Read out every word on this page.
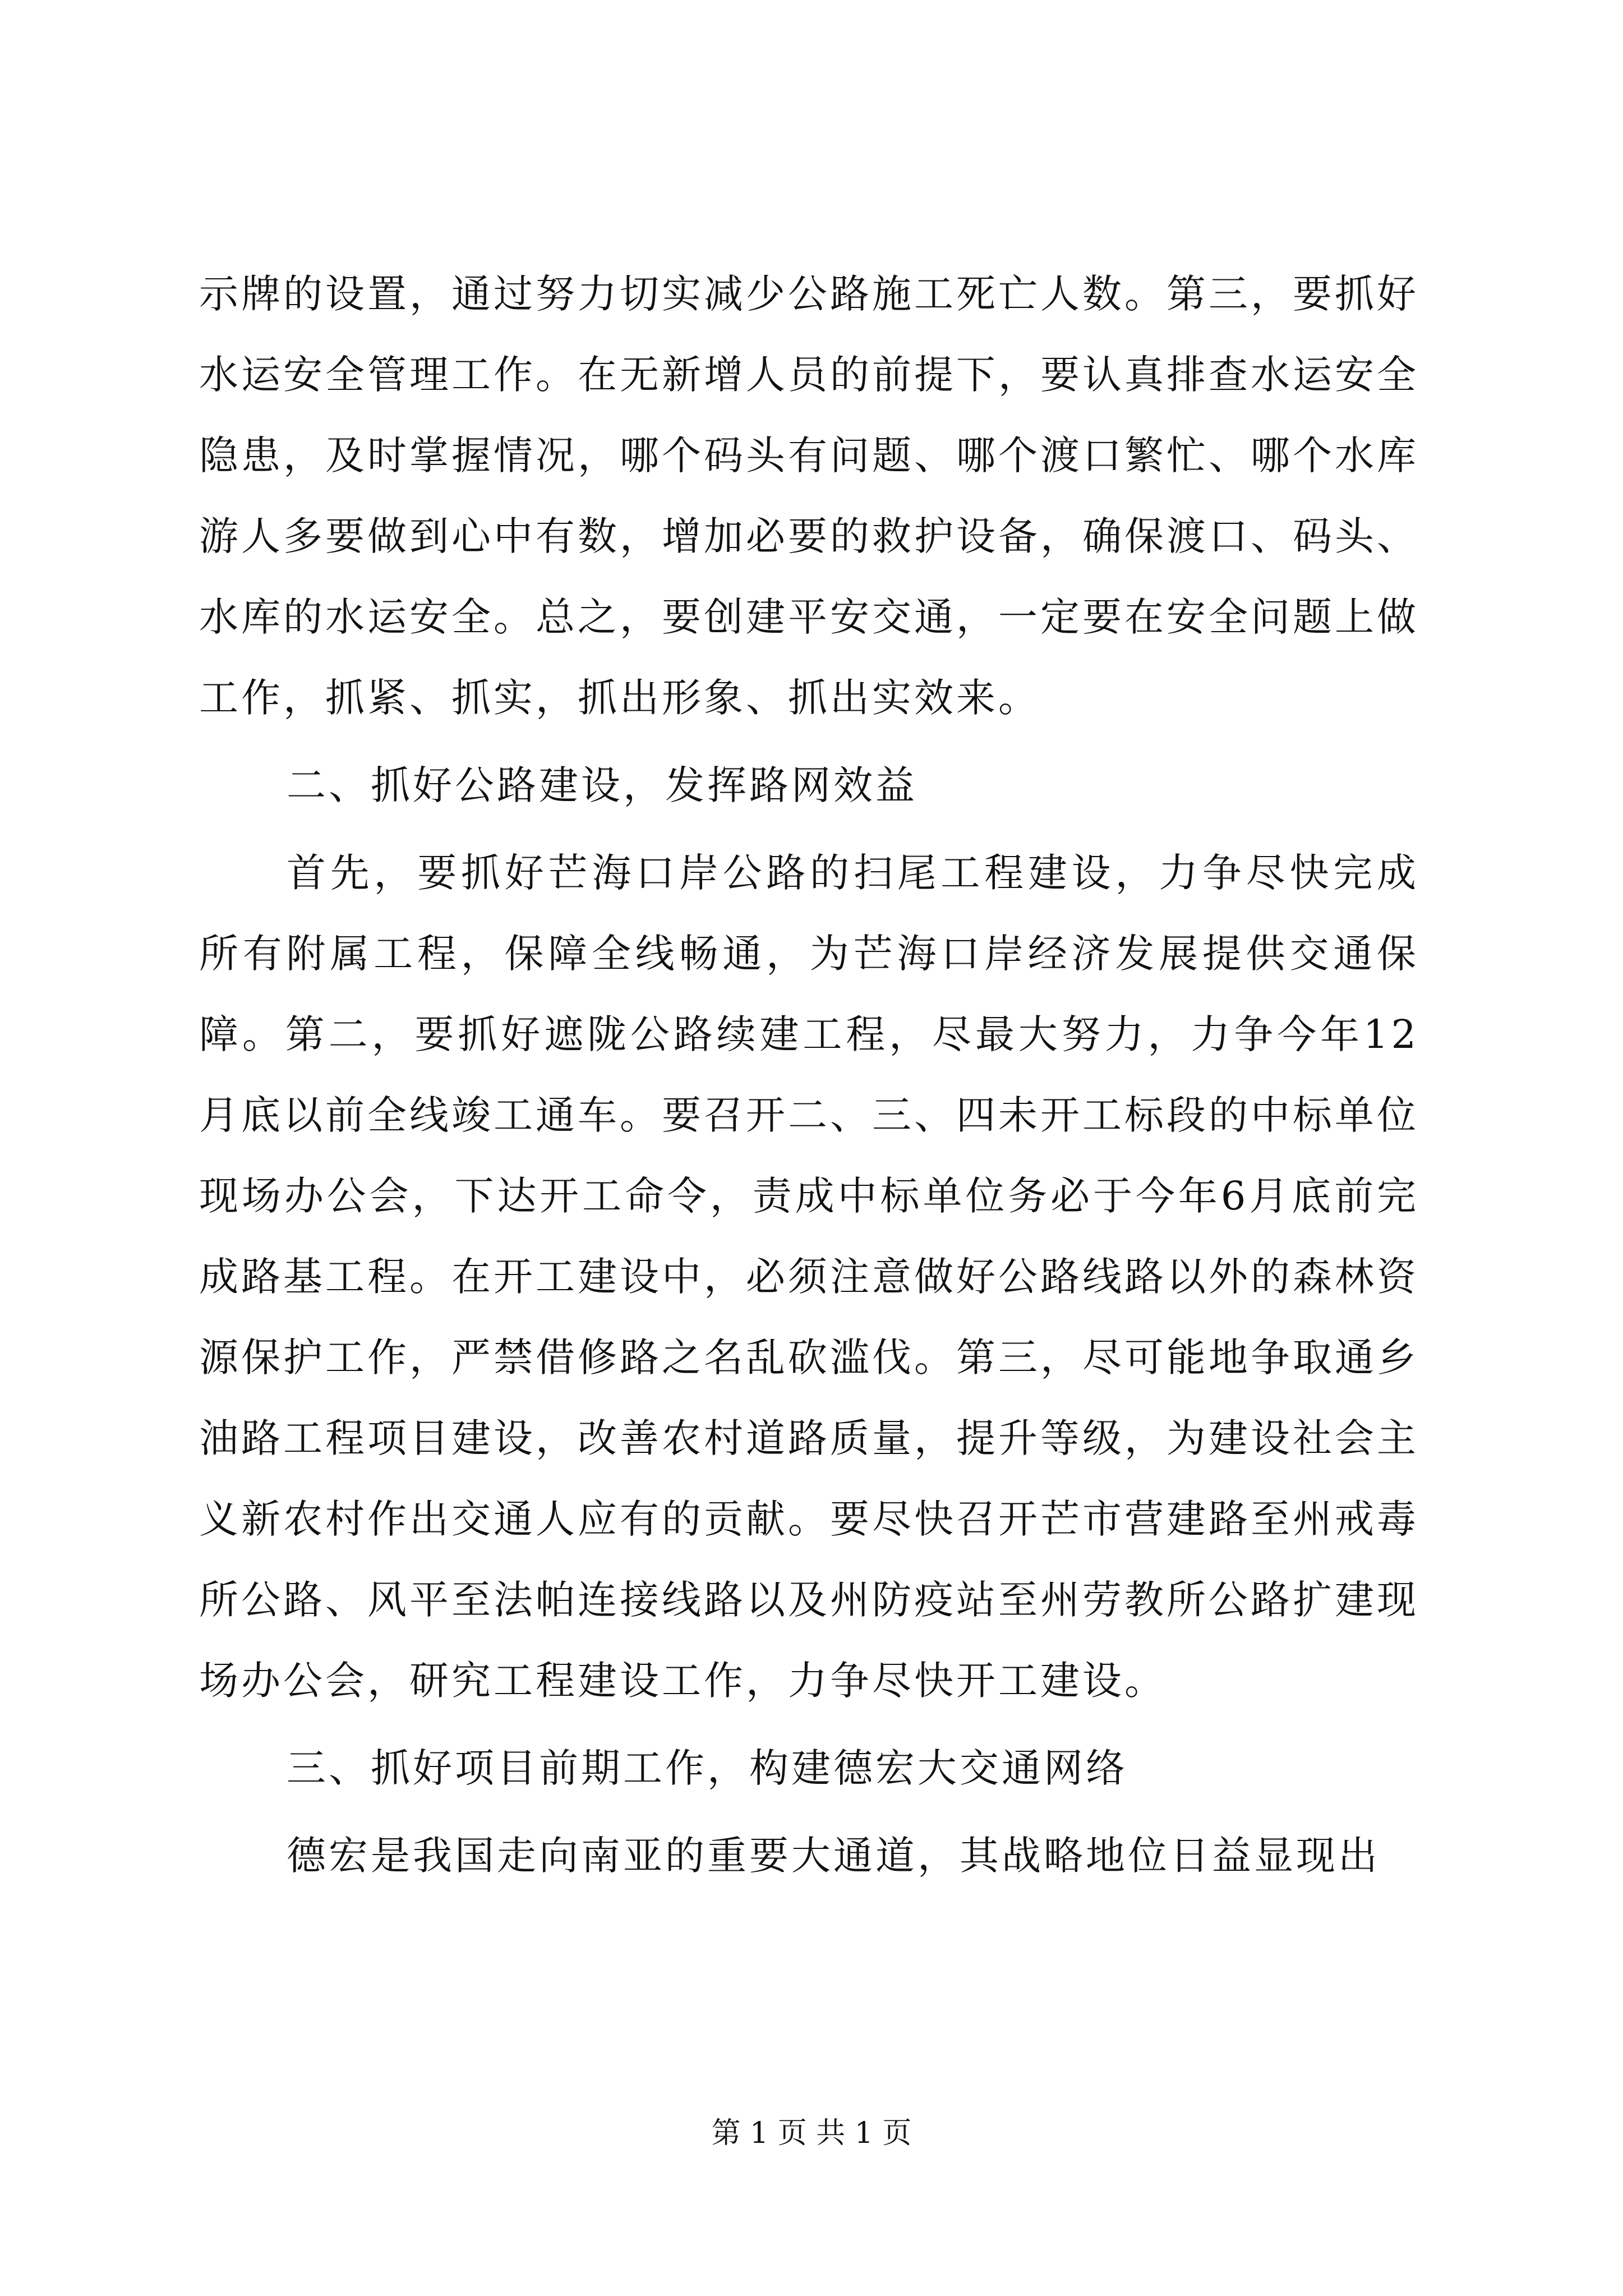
示牌的设置，通过努力切实减少公路施工死亡人数。第三，要抓好水运安全管理工作。在无新增人员的前提下，要认真排查水运安全隐患，及时掌握情况，哪个码头有问题、哪个渡口繁忙、哪个水库游人多要做到心中有数，增加必要的救护设备，确保渡口、码头、水库的水运安全。总之，要创建平安交通，一定要在安全问题上做工作，抓紧、抓实，抓出形象、抓出实效来。

二、抓好公路建设，发挥路网效益

首先，要抓好芒海口岸公路的扫尾工程建设，力争尽快完成所有附属工程，保障全线畅通，为芒海口岸经济发展提供交通保障。第二，要抓好遮陇公路续建工程，尽最大努力，力争今年12月底以前全线竣工通车。要召开二、三、四未开工标段的中标单位现场办公会，下达开工命令，责成中标单位务必于今年6月底前完成路基工程。在开工建设中，必须注意做好公路线路以外的森林资源保护工作，严禁借修路之名乱砍滥伐。第三，尽可能地争取通乡油路工程项目建设，改善农村道路质量，提升等级，为建设社会主义新农村作出交通人应有的贡献。要尽快召开芒市营建路至州戒毒所公路、风平至法帕连接线路以及州防疫站至州劳教所公路扩建现场办公会，研究工程建设工作，力争尽快开工建设。

三、抓好项目前期工作，构建德宏大交通网络

德宏是我国走向南亚的重要大通道，其战略地位日益显现出

第 1 页 共 1 页
